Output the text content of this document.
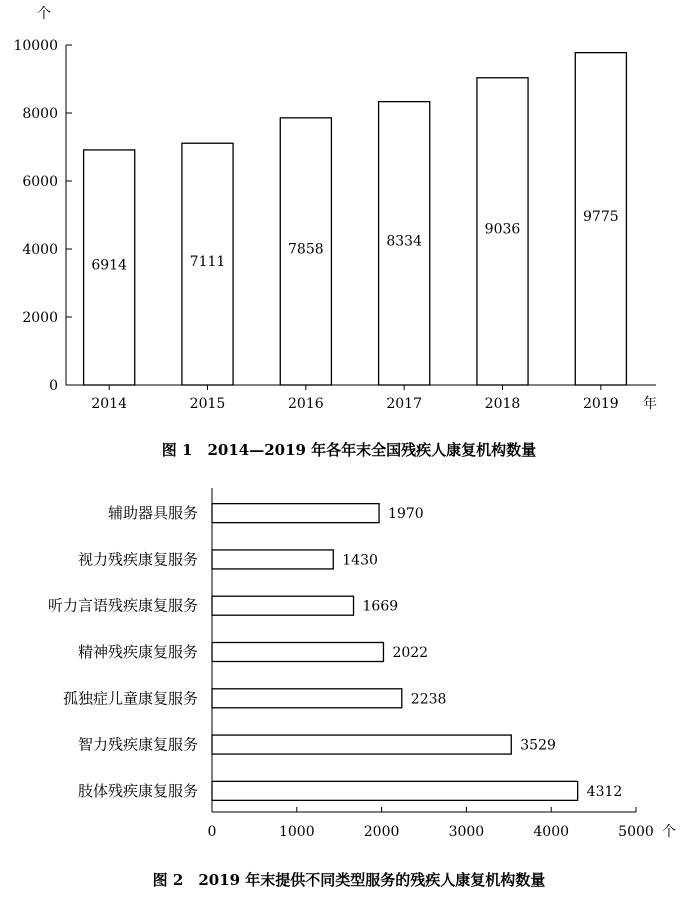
个
0
2000
4000
6000
8000
10000
6914	7111
7858
8334
9036
9775
2014	2015	2016	2017	2018	2019 年
图 1　2014—2019 年各年末全国残疾人康复机构数量
辅助器具服务
视力残疾康复服务
听力言语残疾康复服务
精神残疾康复服务
孤独症儿童康复服务
智力残疾康复服务
肢体残疾康复服务
1970
1430
1669
2022
2238
3529
4312
0	1000	2000	3000	4000	5000 个
图 2　2019 年末提供不同类型服务的残疾人康复机构数量
